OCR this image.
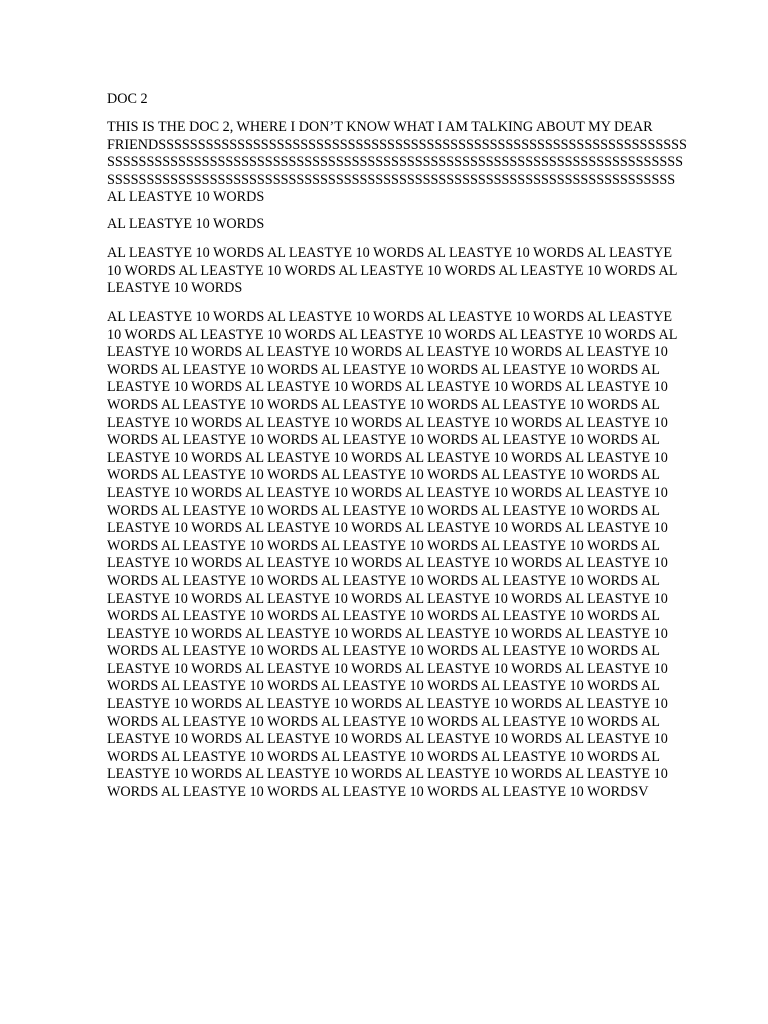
DOC 2

THIS IS THE DOC 2, WHERE I DON’T KNOW WHAT I AM TALKING ABOUT MY DEAR
FRIENDSSSSSSSSSSSSSSSSSSSSSSSSSSSSSSSSSSSSSSSSSSSSSSSSSSSSSSSSSSSSSSSSSSS
SSSSSSSSSSSSSSSSSSSSSSSSSSSSSSSSSSSSSSSSSSSSSSSSSSSSSSSSSSSSSSSSSSSSSSSSS
SSSSSSSSSSSSSSSSSSSSSSSSSSSSSSSSSSSSSSSSSSSSSSSSSSSSSSSSSSSSSSSSSSSSSSSS
AL LEASTYE 10 WORDS

AL LEASTYE 10 WORDS

AL LEASTYE 10 WORDS AL LEASTYE 10 WORDS AL LEASTYE 10 WORDS AL LEASTYE
10 WORDS AL LEASTYE 10 WORDS AL LEASTYE 10 WORDS AL LEASTYE 10 WORDS AL
LEASTYE 10 WORDS

AL LEASTYE 10 WORDS AL LEASTYE 10 WORDS AL LEASTYE 10 WORDS AL LEASTYE
10 WORDS AL LEASTYE 10 WORDS AL LEASTYE 10 WORDS AL LEASTYE 10 WORDS AL
LEASTYE 10 WORDS AL LEASTYE 10 WORDS AL LEASTYE 10 WORDS AL LEASTYE 10
WORDS AL LEASTYE 10 WORDS AL LEASTYE 10 WORDS AL LEASTYE 10 WORDS AL
LEASTYE 10 WORDS AL LEASTYE 10 WORDS AL LEASTYE 10 WORDS AL LEASTYE 10
WORDS AL LEASTYE 10 WORDS AL LEASTYE 10 WORDS AL LEASTYE 10 WORDS AL
LEASTYE 10 WORDS AL LEASTYE 10 WORDS AL LEASTYE 10 WORDS AL LEASTYE 10
WORDS AL LEASTYE 10 WORDS AL LEASTYE 10 WORDS AL LEASTYE 10 WORDS AL
LEASTYE 10 WORDS AL LEASTYE 10 WORDS AL LEASTYE 10 WORDS AL LEASTYE 10
WORDS AL LEASTYE 10 WORDS AL LEASTYE 10 WORDS AL LEASTYE 10 WORDS AL
LEASTYE 10 WORDS AL LEASTYE 10 WORDS AL LEASTYE 10 WORDS AL LEASTYE 10
WORDS AL LEASTYE 10 WORDS AL LEASTYE 10 WORDS AL LEASTYE 10 WORDS AL
LEASTYE 10 WORDS AL LEASTYE 10 WORDS AL LEASTYE 10 WORDS AL LEASTYE 10
WORDS AL LEASTYE 10 WORDS AL LEASTYE 10 WORDS AL LEASTYE 10 WORDS AL
LEASTYE 10 WORDS AL LEASTYE 10 WORDS AL LEASTYE 10 WORDS AL LEASTYE 10
WORDS AL LEASTYE 10 WORDS AL LEASTYE 10 WORDS AL LEASTYE 10 WORDS AL
LEASTYE 10 WORDS AL LEASTYE 10 WORDS AL LEASTYE 10 WORDS AL LEASTYE 10
WORDS AL LEASTYE 10 WORDS AL LEASTYE 10 WORDS AL LEASTYE 10 WORDS AL
LEASTYE 10 WORDS AL LEASTYE 10 WORDS AL LEASTYE 10 WORDS AL LEASTYE 10
WORDS AL LEASTYE 10 WORDS AL LEASTYE 10 WORDS AL LEASTYE 10 WORDS AL
LEASTYE 10 WORDS AL LEASTYE 10 WORDS AL LEASTYE 10 WORDS AL LEASTYE 10
WORDS AL LEASTYE 10 WORDS AL LEASTYE 10 WORDS AL LEASTYE 10 WORDS AL
LEASTYE 10 WORDS AL LEASTYE 10 WORDS AL LEASTYE 10 WORDS AL LEASTYE 10
WORDS AL LEASTYE 10 WORDS AL LEASTYE 10 WORDS AL LEASTYE 10 WORDS AL
LEASTYE 10 WORDS AL LEASTYE 10 WORDS AL LEASTYE 10 WORDS AL LEASTYE 10
WORDS AL LEASTYE 10 WORDS AL LEASTYE 10 WORDS AL LEASTYE 10 WORDS AL
LEASTYE 10 WORDS AL LEASTYE 10 WORDS AL LEASTYE 10 WORDS AL LEASTYE 10
WORDS AL LEASTYE 10 WORDS AL LEASTYE 10 WORDS AL LEASTYE 10 WORDSV
